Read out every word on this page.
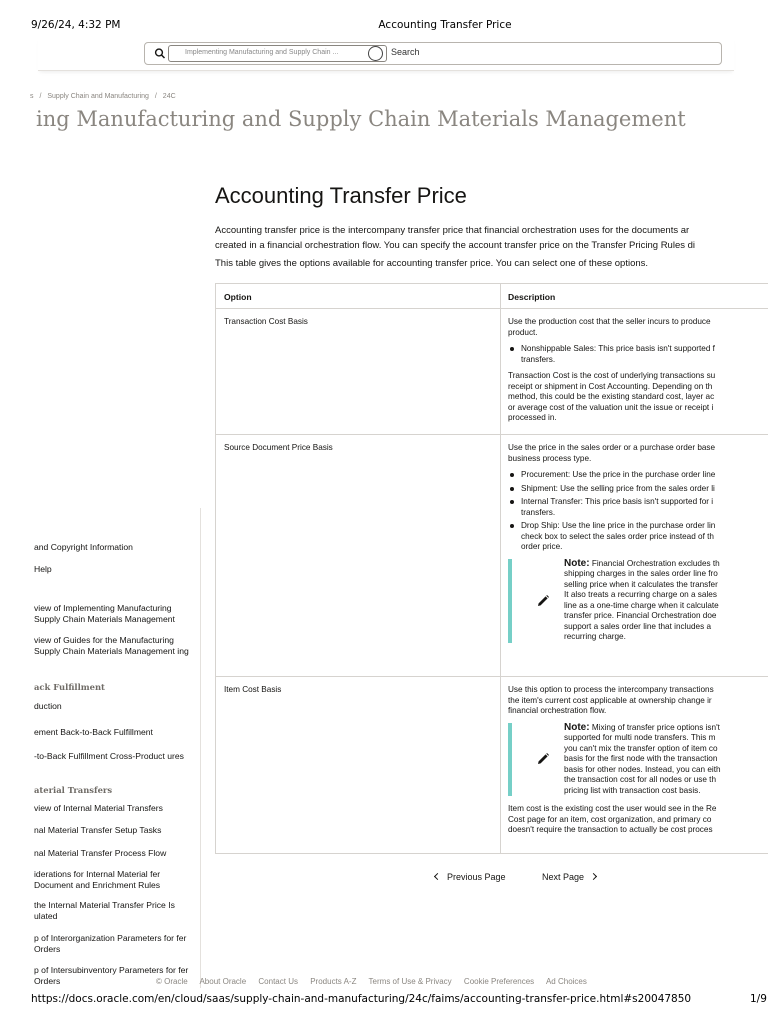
9/26/24, 4:32 PM	Accounting Transfer Price
Implementing Manufacturing and Supply Chain ...	Search
s / Supply Chain and Manufacturing / 24C
ing Manufacturing and Supply Chain Materials Management
and Copyright Information
Help
view of Implementing Manufacturing Supply Chain Materials Management
view of Guides for the Manufacturing Supply Chain Materials Management ing
ack Fulfillment
duction
ement Back-to-Back Fulfillment
-to-Back Fulfillment Cross-Product ures
aterial Transfers
view of Internal Material Transfers
nal Material Transfer Setup Tasks
nal Material Transfer Process Flow
iderations for Internal Material fer Document and Enrichment Rules
the Internal Material Transfer Price Is ulated
p of Interorganization Parameters for fer Orders
p of Intersubinventory Parameters for fer Orders
Accounting Transfer Price

Accounting transfer price is the intercompany transfer price that financial orchestration uses for the documents ar

created in a financial orchestration flow. You can specify the account transfer price on the Transfer Pricing Rules di

This table gives the options available for accounting transfer price. You can select one of these options.

Option	Description
Transaction Cost Basis	Use the production cost that the seller incurs to produce
product.

Nonshippable Sales: This price basis isn't supported f
transfers.

Transaction Cost is the cost of underlying transactions su
receipt or shipment in Cost Accounting. Depending on th
method, this could be the existing standard cost, layer ac
or average cost of the valuation unit the issue or receipt i
processed in.

Source Document Price Basis	Use the price in the sales order or a purchase order base
business process type.

Procurement: Use the price in the purchase order line
Shipment: Use the selling price from the sales order li
Internal Transfer: This price basis isn't supported for i
transfers.
Drop Ship: Use the line price in the purchase order lin
check box to select the sales order price instead of th
order price.
Note: Financial Orchestration excludes th
shipping charges in the sales order line fro
selling price when it calculates the transfer
It also treats a recurring charge on a sales
line as a one-time charge when it calculate
transfer price. Financial Orchestration doe
support a sales order line that includes a
recurring charge.
Item Cost Basis	Use this option to process the intercompany transactions
the item's current cost applicable at ownership change ir
financial orchestration flow.

Note: Mixing of transfer price options isn't
supported for multi node transfers. This m
you can't mix the transfer option of item co
basis for the first node with the transaction
basis for other nodes. Instead, you can eith
the transaction cost for all nodes or use th
pricing list with transaction cost basis.

Item cost is the existing cost the user would see in the Re
Cost page for an item, cost organization, and primary co
doesn't require the transaction to actually be cost proces

Previous Page	Next Page
© Oracle About Oracle Contact Us Products A-Z Terms of Use & Privacy Cookie Preferences Ad Choices
https://docs.oracle.com/en/cloud/saas/supply-chain-and-manufacturing/24c/faims/accounting-transfer-price.html#s20047850	1/9
